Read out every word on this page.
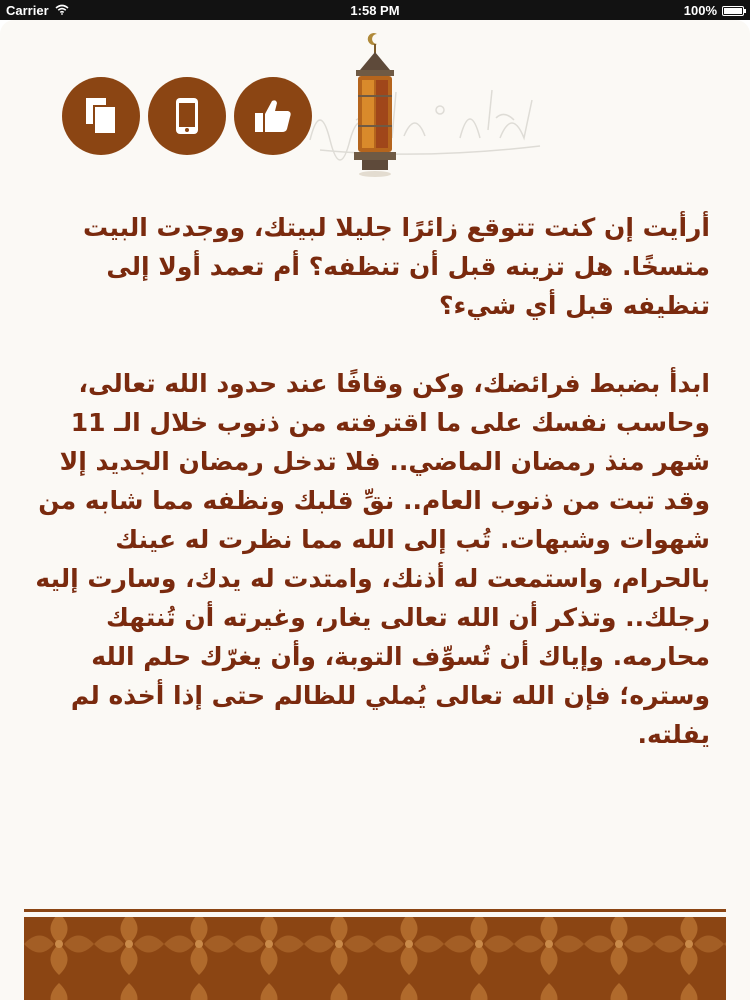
Carrier	1:58 PM	100%

أرأيت إن كنت تتوقع زائرًا جليلا لبيتك، ووجدت البيت متسخًا. هل تزينه قبل أن تنظفه؟ أم تعمد أولا إلى تنظيفه قبل أي شيء؟

ابدأ بضبط فرائضك، وكن وقافًا عند حدود الله تعالى، وحاسب نفسك على ما اقترفته من ذنوب خلال الـ 11 شهر منذ رمضان الماضي.. فلا تدخل رمضان الجديد إلا وقد تبت من ذنوب العام.. نقِّ قلبك ونظفه مما شابه من شهوات وشبهات. تُب إلى الله مما نظرت له عينك بالحرام، واستمعت له أذنك، وامتدت له يدك، وسارت إليه رجلك.. وتذكر أن الله تعالى يغار، وغيرته أن تُنتهك محارمه. وإياك أن تُسوِّف التوبة، وأن يغرّك حلم الله وستره؛ فإن الله تعالى يُملي للظالم حتى إذا أخذه لم يفلته.
